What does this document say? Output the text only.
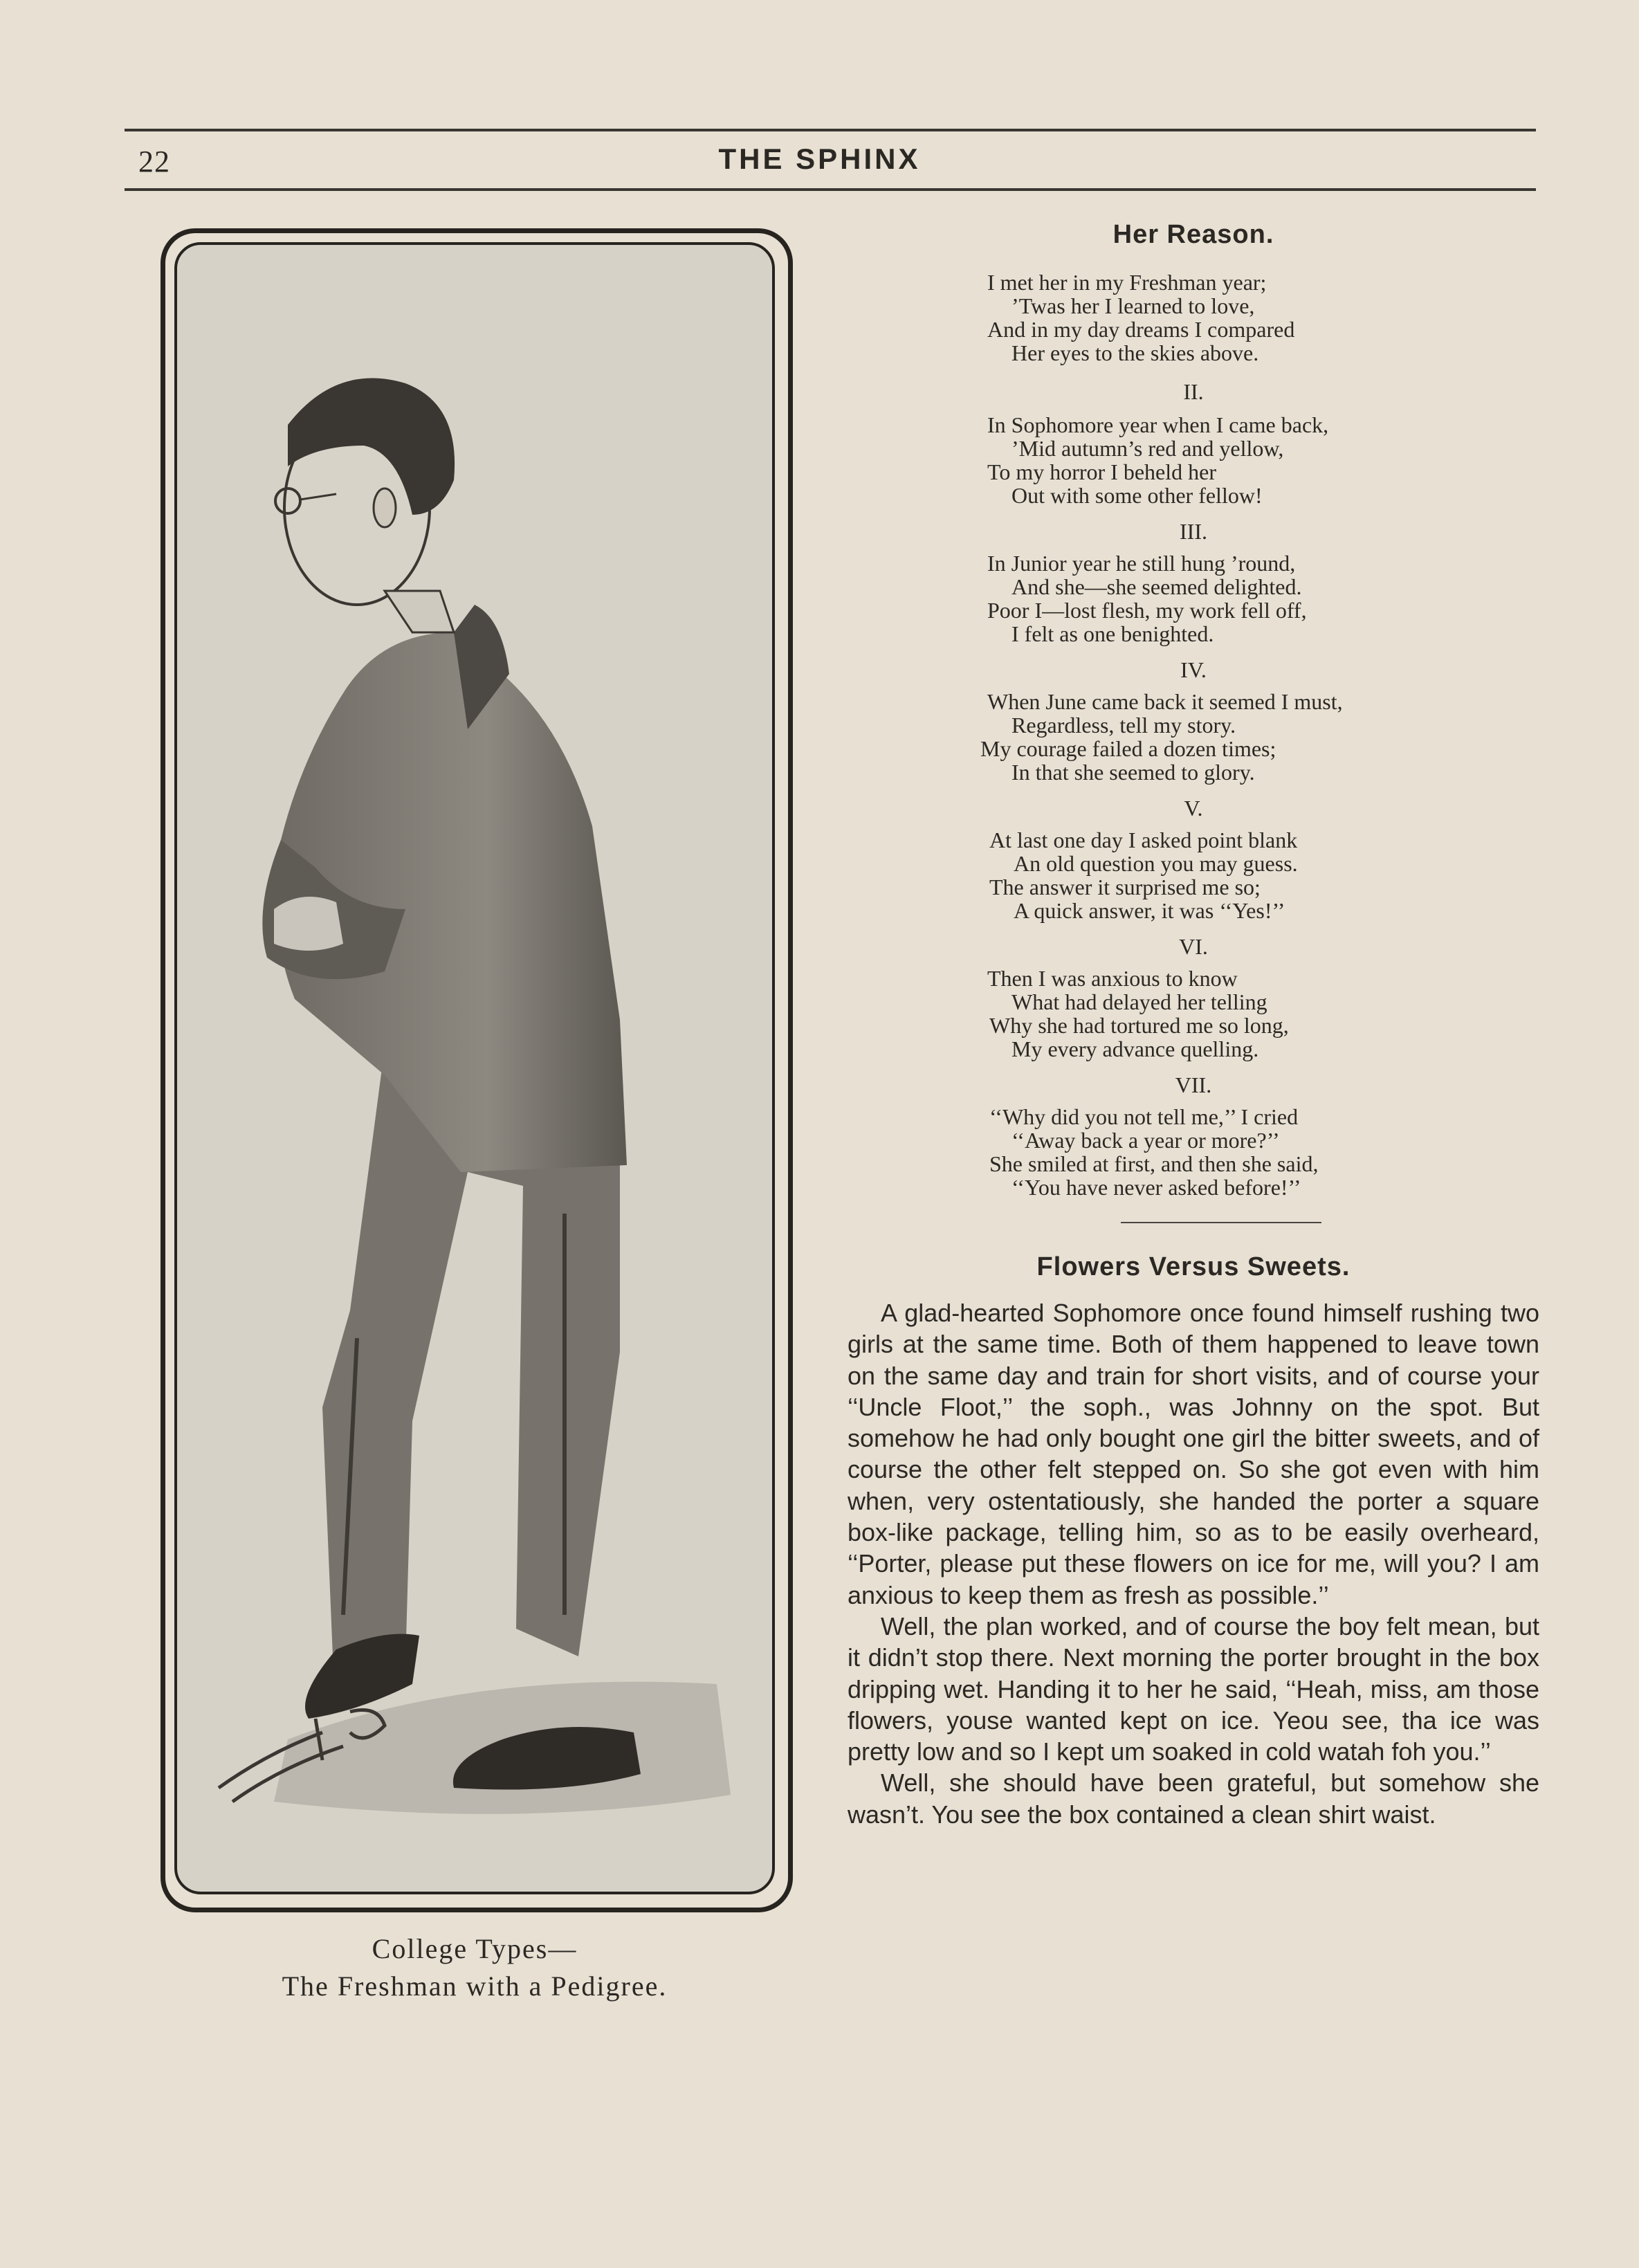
22	THE SPHINX
College Types—
The Freshman with a Pedigree.
Her Reason.
I met her in my Freshman year;
’Twas her I learned to love,
And in my day dreams I compared
Her eyes to the skies above.
II.
In Sophomore year when I came back,
’Mid autumn’s red and yellow,
To my horror I beheld her
Out with some other fellow!
III.
In Junior year he still hung ’round,
And she—she seemed delighted.
Poor I—lost flesh, my work fell off,
I felt as one benighted.
IV.
When June came back it seemed I must,
Regardless, tell my story.
My courage failed a dozen times;
In that she seemed to glory.
V.
At last one day I asked point blank
An old question you may guess.
The answer it surprised me so;
A quick answer, it was ‘‘Yes!’’
VI.
Then I was anxious to know
What had delayed her telling
Why she had tortured me so long,
My every advance quelling.
VII.
‘‘Why did you not tell me,’’ I cried
‘‘Away back a year or more?’’
She smiled at first, and then she said,
‘‘You have never asked before!’’
Flowers Versus Sweets.

A glad-hearted Sophomore once found himself rushing two girls at the same time. Both of them happened to leave town on the same day and train for short visits, and of course your ‘‘Uncle Floot,’’ the soph., was Johnny on the spot. But somehow he had only bought one girl the bitter sweets, and of course the other felt stepped on. So she got even with him when, very ostentatiously, she handed the porter a square box-like package, telling him, so as to be easily overheard, ‘‘Porter, please put these flowers on ice for me, will you? I am anxious to keep them as fresh as possible.’’

Well, the plan worked, and of course the boy felt mean, but it didn’t stop there. Next morning the porter brought in the box dripping wet. Handing it to her he said, ‘‘Heah, miss, am those flowers, youse wanted kept on ice. Yeou see, tha ice was pretty low and so I kept um soaked in cold watah foh you.’’

Well, she should have been grateful, but somehow she wasn’t. You see the box contained a clean shirt waist.
